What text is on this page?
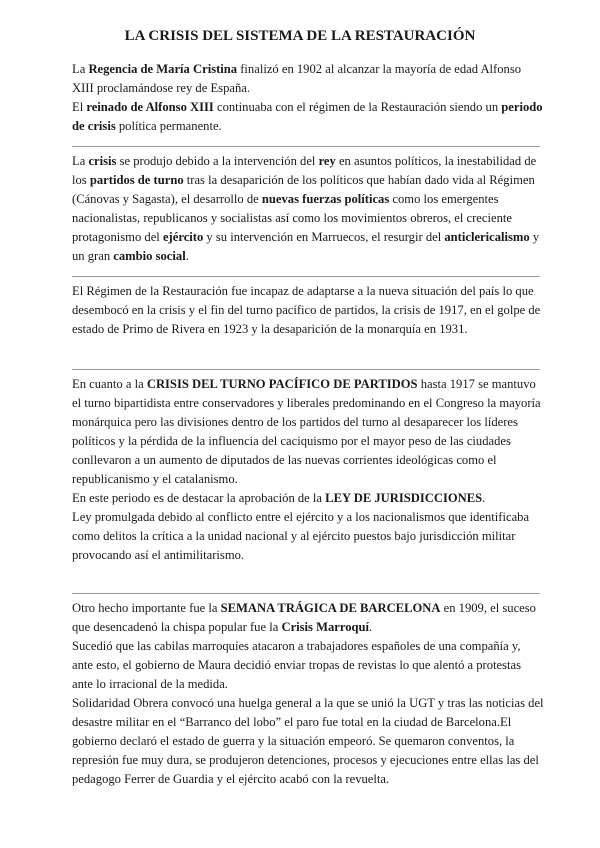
LA CRISIS DEL SISTEMA DE LA RESTAURACIÓN

La Regencia de María Cristina finalizó en 1902 al alcanzar la mayoría de edad Alfonso XIII proclamándose rey de España.

El reinado de Alfonso XIII continuaba con el régimen de la Restauración siendo un periodo de crisis política permanente.

La crisis se produjo debido a la intervención del rey en asuntos políticos, la inestabilidad de los partidos de turno tras la desaparición de los políticos que habían dado vida al Régimen (Cánovas y Sagasta), el desarrollo de nuevas fuerzas políticas como los emergentes nacionalistas, republicanos y socialistas así como los movimientos obreros, el creciente protagonismo del ejército y su intervención en Marruecos, el resurgir del anticlericalismo y un gran cambio social.

El Régimen de la Restauración fue incapaz de adaptarse a la nueva situación del país lo que desembocó en la crisis y el fin del turno pacífico de partidos, la crisis de 1917, en el golpe de estado de Primo de Rivera en 1923 y la desaparición de la monarquía en 1931.

En cuanto a la CRISIS DEL TURNO PACÍFICO DE PARTIDOS hasta 1917 se mantuvo el turno bipartidista entre conservadores y liberales predominando en el Congreso la mayoría monárquica pero las divisiones dentro de los partidos del turno al desaparecer los líderes políticos y la pérdida de la influencia del caciquismo por el mayor peso de las ciudades conllevaron a un aumento de diputados de las nuevas corrientes ideológicas como el republicanismo y el catalanismo.

En este periodo es de destacar la aprobación de la LEY DE JURISDICCIONES.

Ley promulgada debido al conflicto entre el ejército y a los nacionalismos que identificaba como delitos la crítica a la unidad nacional y al ejército puestos bajo jurisdicción militar provocando así el antimilitarismo.

Otro hecho importante fue la SEMANA TRÁGICA DE BARCELONA en 1909, el suceso que desencadenó la chispa popular fue la Crisis Marroquí.

Sucedió que las cabilas marroquíes atacaron a trabajadores españoles de una compañía y, ante esto, el gobierno de Maura decidió enviar tropas de revistas lo que alentó a protestas ante lo irracional de la medida.

Solidaridad Obrera convocó una huelga general a la que se unió la UGT y tras las noticias del desastre militar en el “Barranco del lobo” el paro fue total en la ciudad de Barcelona.El gobierno declaró el estado de guerra y la situación empeoró. Se quemaron conventos, la represión fue muy dura, se produjeron detenciones, procesos y ejecuciones entre ellas las del pedagogo Ferrer de Guardia y el ejército acabó con la revuelta.
